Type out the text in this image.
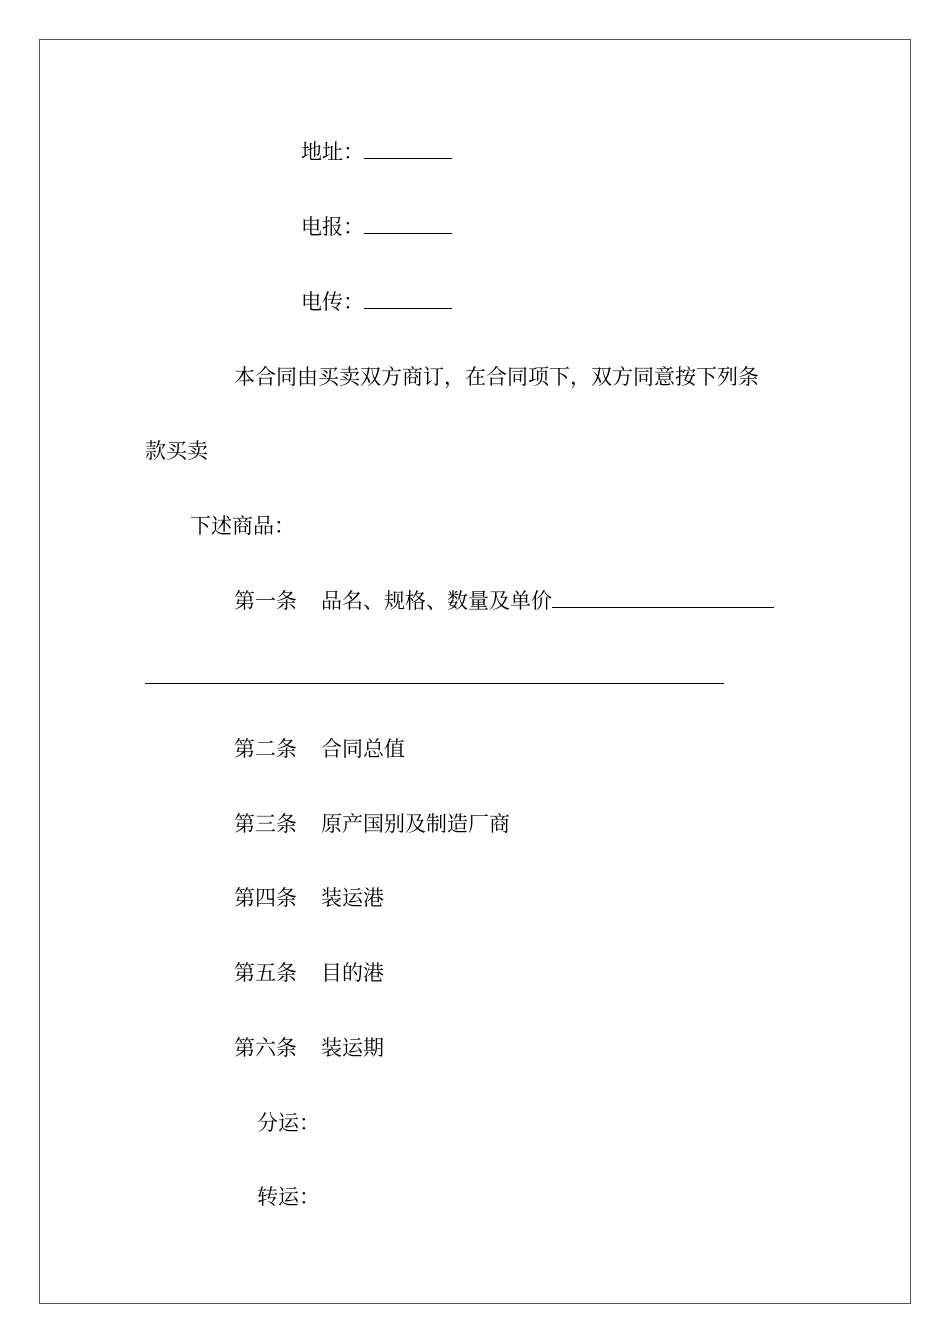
地址：
电报：
电传：
本合同由买卖双方商订，在合同项下，双方同意按下列条
款买卖
下述商品：
第一条 品名、规格、数量及单价
第二条 合同总值
第三条 原产国别及制造厂商
第四条 装运港
第五条 目的港
第六条 装运期
分运：
转运：
